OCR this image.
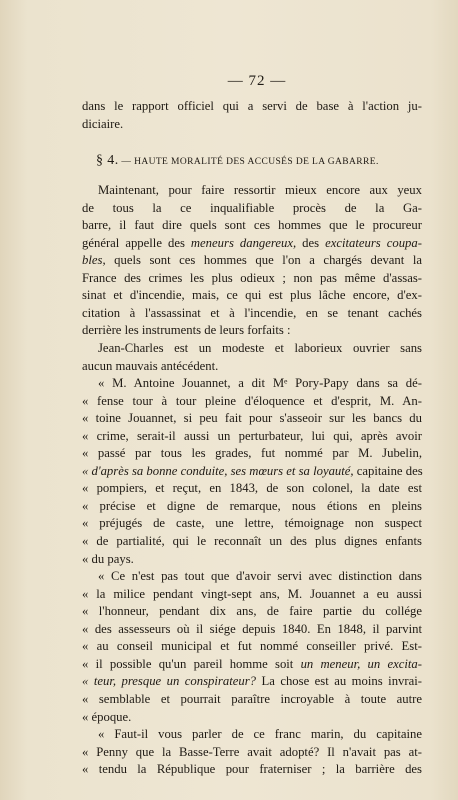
— 72 —
dans le rapport officiel qui a servi de base à l'action ju-
diciaire.
§ 4. — HAUTE MORALITÉ DES ACCUSÉS DE LA GABARRE.
Maintenant, pour faire ressortir mieux encore aux yeux
de tous la ce inqualifiable procès de la Ga-
barre, il faut dire quels sont ces hommes que le procureur
général appelle des meneurs dangereux, des excitateurs coupa-
bles, quels sont ces hommes que l'on a chargés devant la
France des crimes les plus odieux ; non pas même d'assas-
sinat et d'incendie, mais, ce qui est plus lâche encore, d'ex-
citation à l'assassinat et à l'incendie, en se tenant cachés
derrière les instruments de leurs forfaits :
Jean-Charles est un modeste et laborieux ouvrier sans
aucun mauvais antécédent.
« M. Antoine Jouannet, a dit Mᵉ Pory-Papy dans sa dé-
« fense tour à tour pleine d'éloquence et d'esprit, M. An-
« toine Jouannet, si peu fait pour s'asseoir sur les bancs du
« crime, serait-il aussi un perturbateur, lui qui, après avoir
« passé par tous les grades, fut nommé par M. Jubelin,
« d'après sa bonne conduite, ses mœurs et sa loyauté, capitaine des
« pompiers, et reçut, en 1843, de son colonel, la date est
« précise et digne de remarque, nous étions en pleins
« préjugés de caste, une lettre, témoignage non suspect
« de partialité, qui le reconnaît un des plus dignes enfants
« du pays.
« Ce n'est pas tout que d'avoir servi avec distinction dans
« la milice pendant vingt-sept ans, M. Jouannet a eu aussi
« l'honneur, pendant dix ans, de faire partie du collége
« des assesseurs où il siége depuis 1840. En 1848, il parvint
« au conseil municipal et fut nommé conseiller privé. Est-
« il possible qu'un pareil homme soit un meneur, un excita-
« teur, presque un conspirateur? La chose est au moins invrai-
« semblable et pourrait paraître incroyable à toute autre
« époque.
« Faut-il vous parler de ce franc marin, du capitaine
« Penny que la Basse-Terre avait adopté? Il n'avait pas at-
« tendu la République pour fraterniser ; la barrière des
